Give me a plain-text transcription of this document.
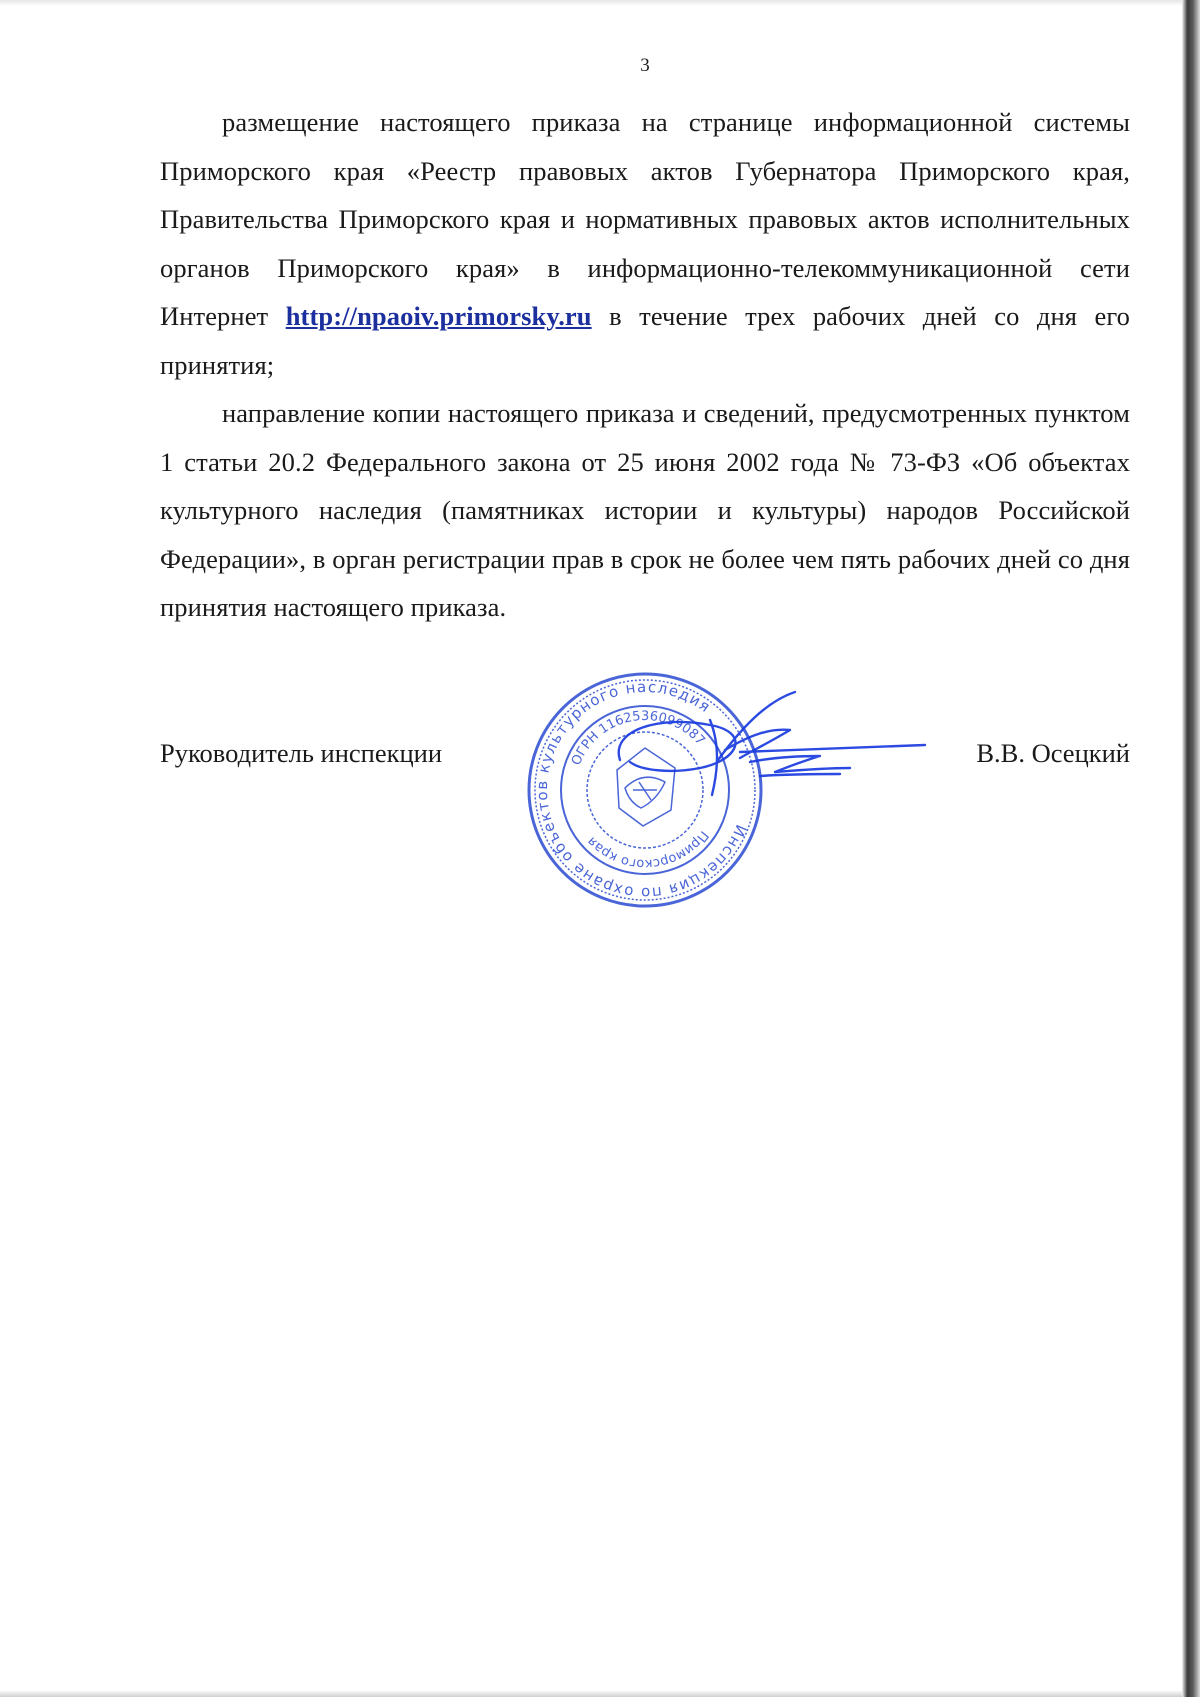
3

размещение настоящего приказа на странице информационной системы Приморского края «Реестр правовых актов Губернатора Приморского края, Правительства Приморского края и нормативных правовых актов исполнительных органов Приморского края» в информационно-телекоммуникационной сети Интернет http://npaoiv.primorsky.ru в течение трех рабочих дней со дня его принятия;

направление копии настоящего приказа и сведений, предусмотренных пунктом 1 статьи 20.2 Федерального закона от 25 июня 2002 года № 73-ФЗ «Об объектах культурного наследия (памятниках истории и культуры) народов Российской Федерации», в орган регистрации прав в срок не более чем пять рабочих дней со дня принятия настоящего приказа.

Руководитель инспекции	В.В. Осецкий
Инспекция по охране объектов культурного наследия
Приморского края
ОГРН 1162536099087
